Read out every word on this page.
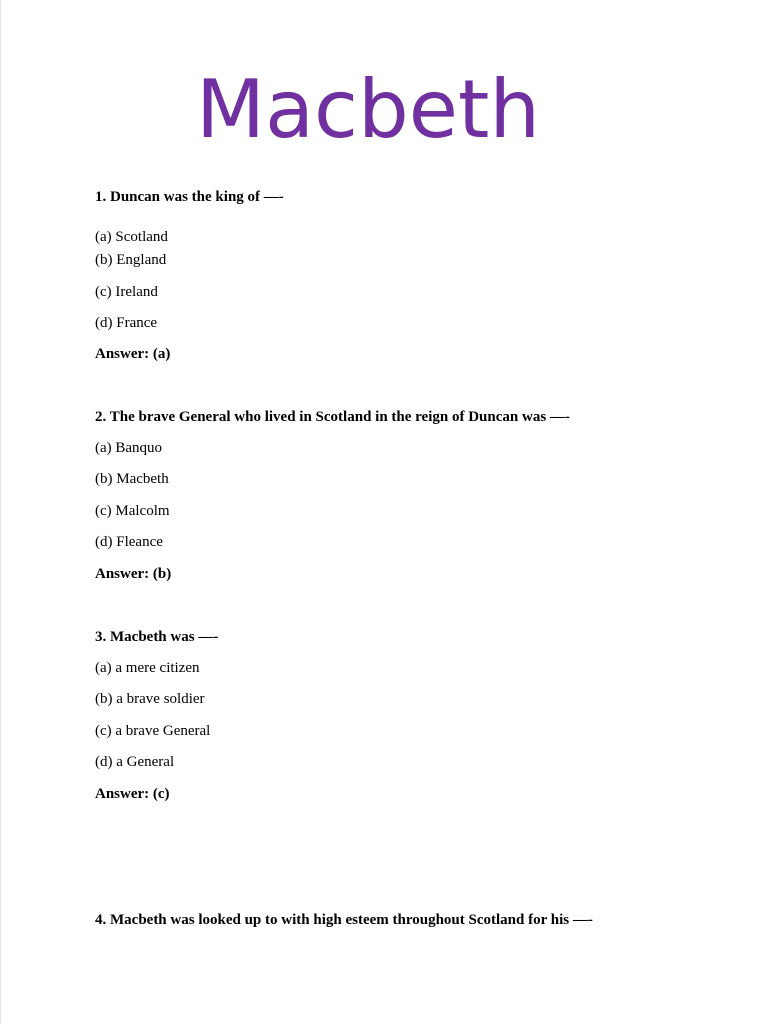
Macbeth
1. Duncan was the king of —-
(a) Scotland
(b) England
(c) Ireland
(d) France
Answer: (a)
2. The brave General who lived in Scotland in the reign of Duncan was —-
(a) Banquo
(b) Macbeth
(c) Malcolm
(d) Fleance
Answer: (b)
3. Macbeth was —-
(a) a mere citizen
(b) a brave soldier
(c) a brave General
(d) a General
Answer: (c)
4. Macbeth was looked up to with high esteem throughout Scotland for his —-
